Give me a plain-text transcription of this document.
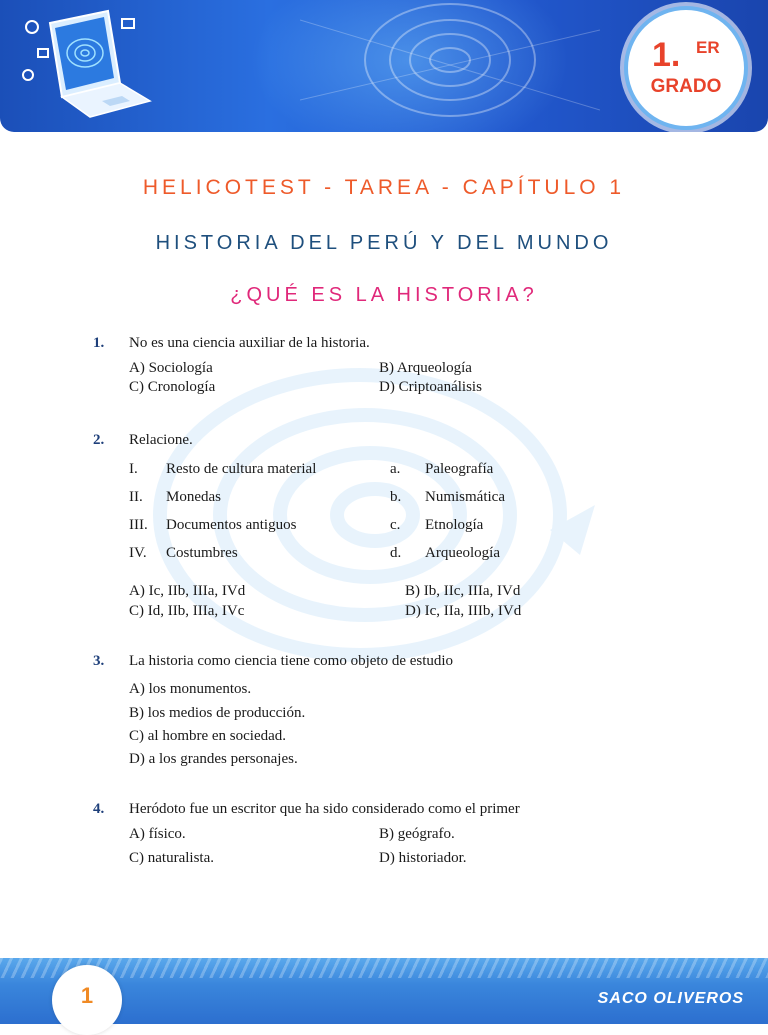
1. ER
GRADO
HELICOTEST - TAREA - CAPÍTULO 1
HISTORIA DEL PERÚ Y DEL MUNDO
¿QUÉ ES LA HISTORIA?
1. No es una ciencia auxiliar de la historia.
A) Sociología	B) Arqueología
C) Cronología	D) Criptoanálisis
2. Relacione.
I. Resto de cultura material	a. Paleografía
II. Monedas	b. Numismática
III. Documentos antiguos	c. Etnología
IV. Costumbres	d. Arqueología
A) Ic, IIb, IIIa, IVd	B) Ib, IIc, IIIa, IVd
C) Id, IIb, IIIa, IVc	D) Ic, IIa, IIIb, IVd
3. La historia como ciencia tiene como objeto de estudio
A) los monumentos.
B) los medios de producción.
C) al hombre en sociedad.
D) a los grandes personajes.
4. Heródoto fue un escritor que ha sido considerado como el primer
A) físico.	B) geógrafo.
C) naturalista.	D) historiador.
1	SACO OLIVEROS
